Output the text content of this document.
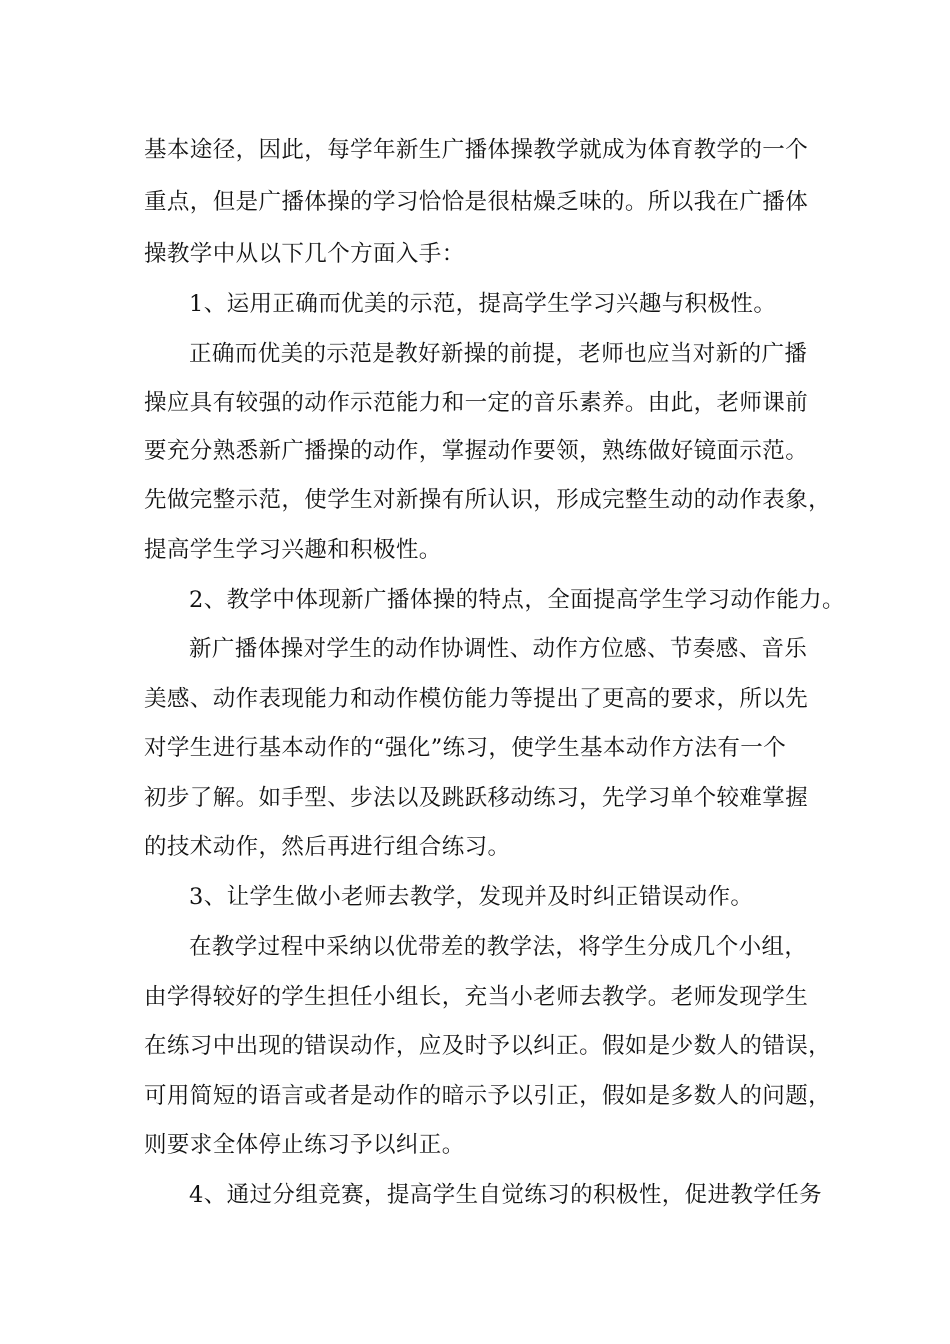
基本途径，因此，每学年新生广播体操教学就成为体育教学的一个
重点，但是广播体操的学习恰恰是很枯燥乏味的。所以我在广播体
操教学中从以下几个方面入手：
1、运用正确而优美的示范，提高学生学习兴趣与积极性。
正确而优美的示范是教好新操的前提，老师也应当对新的广播
操应具有较强的动作示范能力和一定的音乐素养。由此，老师课前
要充分熟悉新广播操的动作，掌握动作要领，熟练做好镜面示范。
先做完整示范，使学生对新操有所认识，形成完整生动的动作表象，
提高学生学习兴趣和积极性。
2、教学中体现新广播体操的特点，全面提高学生学习动作能力。
新广播体操对学生的动作协调性、动作方位感、节奏感、音乐
美感、动作表现能力和动作模仿能力等提出了更高的要求，所以先
对学生进行基本动作的“强化”练习，使学生基本动作方法有一个
初步了解。如手型、步法以及跳跃移动练习，先学习单个较难掌握
的技术动作，然后再进行组合练习。
3、让学生做小老师去教学，发现并及时纠正错误动作。
在教学过程中采纳以优带差的教学法，将学生分成几个小组，
由学得较好的学生担任小组长，充当小老师去教学。老师发现学生
在练习中出现的错误动作，应及时予以纠正。假如是少数人的错误，
可用简短的语言或者是动作的暗示予以引正，假如是多数人的问题，
则要求全体停止练习予以纠正。
4、通过分组竞赛，提高学生自觉练习的积极性，促进教学任务
